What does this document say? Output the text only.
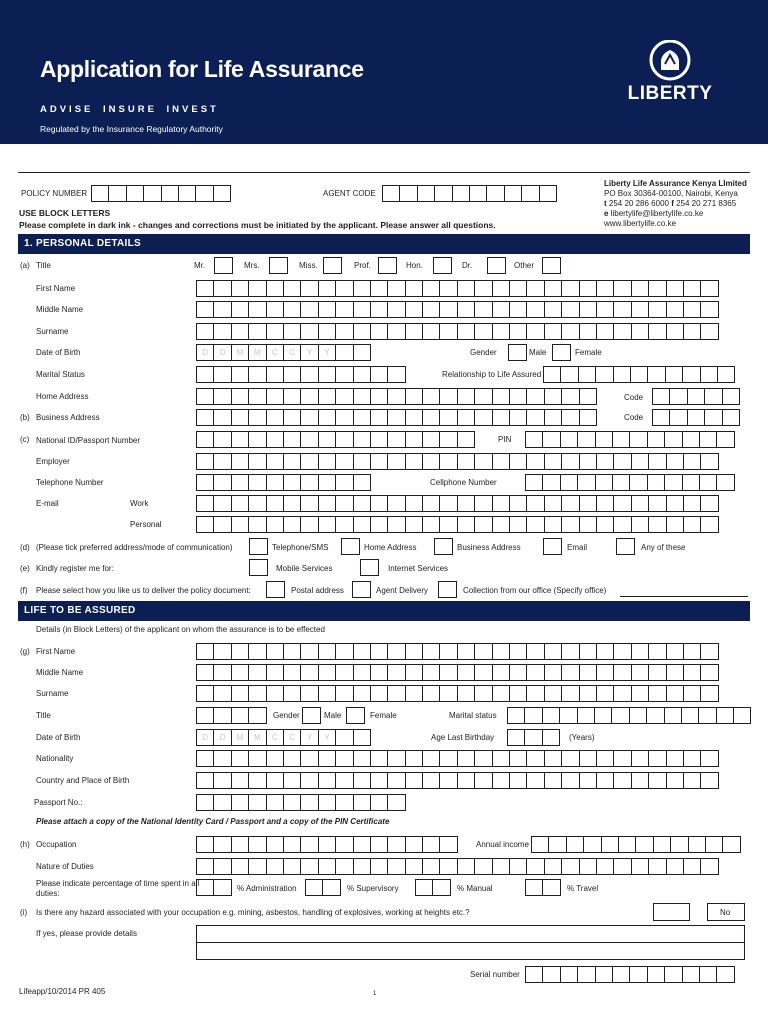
Application for Life Assurance
ADVISE INSURE INVEST
Regulated by the Insurance Regulatory Authority
LIBERTY
POLICY NUMBER	AGENT CODE
Liberty Life Assurance Kenya LImited
PO Box 30364-00100, Nairobi, Kenya
t 254 20 286 6000 f 254 20 271 8365
e libertylife@libertylife.co.ke
www.libertylife.co.ke
USE BLOCK LETTERS
Please complete in dark ink - changes and corrections must be initiated by the applicant. Please answer all questions.
1. PERSONAL DETAILS
(a) Title	Mr.	Mrs.	Miss.	Prof.	Hon.	Dr.	Other
First Name
Middle Name
Surname
Date of Birth	D	D	M	M	C	C	Y	Y	Gender	Male	Female
Marital Status	Relationship to Life Assured
Home Address	Code
(b) Business Address	Code
(c) National ID/Passport Number	PIN
Employer
Telephone Number	Cellphone Number
E-mail	Work
Personal
(d) (Please tick preferred address/mode of communication)	Telephone/SMS	Home Address	Business Address	Email	Any of these
(e) Kindly register me for:	Mobile Services	Internet Services
(f) Please select how you like us to deliver the policy document:	Postal address	Agent Delivery	Collection from our office (Specify office)
LIFE TO BE ASSURED
Details (in Block Letters) of the applicant on whom the assurance is to be effected
(g) First Name
Middle Name
Surname
Title	Gender	Male	Female	Marital status
Date of Birth	D	D	M	M	C	C	Y	Y	Age Last Birthday	(Years)
Nationality
Country and Place of Birth
Passport No.:
Please attach a copy of the National Identity Card / Passport and a copy of the PIN Certificate
(h) Occupation	Annual income
Nature of Duties
Please indicate percentage of time spent in all
duties:
% Administration	% Supervisory	% Manual	% Travel
(i) Is there any hazard associated with your occupation e.g. mining, asbestos, handling of explosives, working at heights etc.?	No
If yes, please provide details
Serial number
Lifeapp/10/2014 PR 405	1
